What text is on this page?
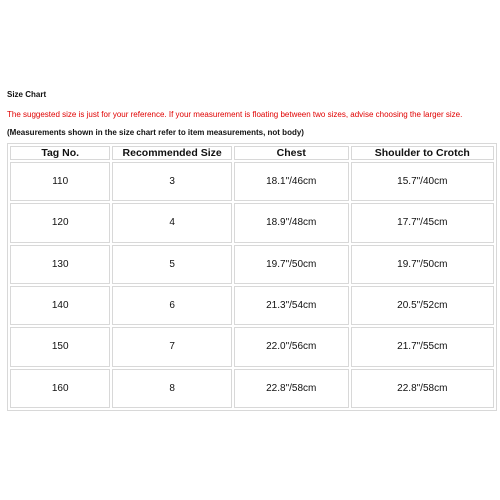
Size Chart
The suggested size is just for your reference. If your measurement is floating between two sizes, advise choosing the larger size.
(Measurements shown in the size chart refer to item measurements, not body)
Tag No.	Recommended Size	Chest	Shoulder to Crotch
110	3	18.1"/46cm	15.7"/40cm
120	4	18.9"/48cm	17.7"/45cm
130	5	19.7"/50cm	19.7"/50cm
140	6	21.3"/54cm	20.5"/52cm
150	7	22.0"/56cm	21.7"/55cm
160	8	22.8"/58cm	22.8"/58cm
